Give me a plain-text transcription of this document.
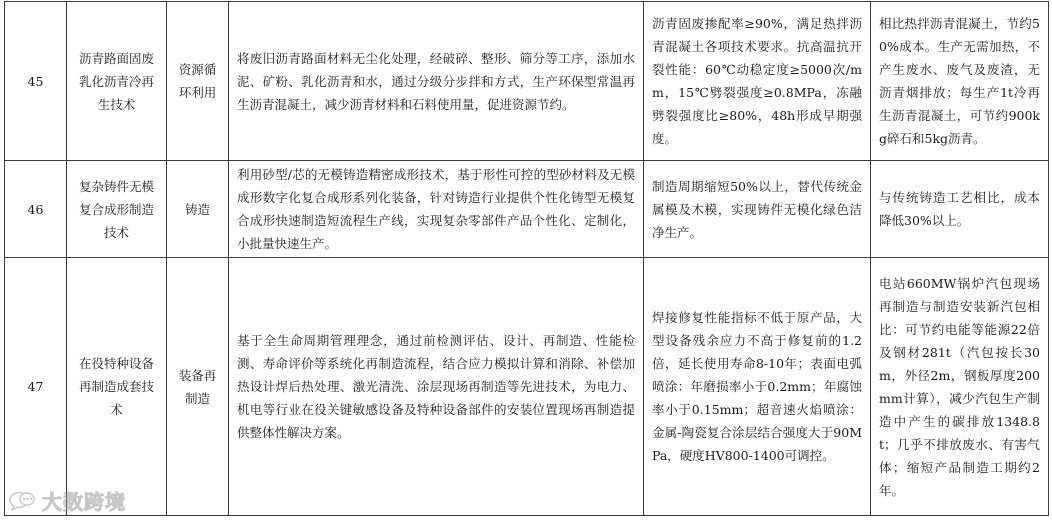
45	沥青路面固废乳化沥青冷再生技术	资源循环利用	将废旧沥青路面材料无尘化处理，经破碎、整形、筛分等工序，添加水泥、矿粉、乳化沥青和水，通过分级分步拌和方式，生产环保型常温再生沥青混凝土，减少沥青材料和石料使用量，促进资源节约。	沥青固废掺配率≥90%，满足热拌沥青混凝土各项技术要求。抗高温抗开裂性能：60℃动稳定度≥5000次/mm，15℃劈裂强度≥0.8MPa，冻融劈裂强度比≥80%，48h形成早期强度。	相比热拌沥青混凝土，节约50%成本。生产无需加热，不产生废水、废气及废渣，无沥青烟排放；每生产1t冷再生沥青混凝土，可节约900kg碎石和5kg沥青。

46	复杂铸件无模复合成形制造技术	铸造	利用砂型/芯的无模铸造精密成形技术，基于形性可控的型砂材料及无模成形数字化复合成形系列化装备，针对铸造行业提供个性化铸型无模复合成形快速制造短流程生产线，实现复杂零部件产品个性化、定制化，小批量快速生产。	制造周期缩短50%以上，替代传统金属模及木模，实现铸件无模化绿色洁净生产。	与传统铸造工艺相比，成本降低30%以上。

47	在役特种设备再制造成套技术	装备再制造	基于全生命周期管理理念，通过前检测评估、设计、再制造、性能检测、寿命评价等系统化再制造流程，结合应力模拟计算和消除、补偿加热设计焊后热处理、激光清洗、涂层现场再制造等先进技术，为电力、机电等行业在役关键敏感设备及特种设备部件的安装位置现场再制造提供整体性解决方案。	焊接修复性能指标不低于原产品，大型设备残余应力不高于修复前的1.2倍，延长使用寿命8-10年；表面电弧喷涂：年磨损率小于0.2mm；年腐蚀率小于0.15mm；超音速火焰喷涂：金属-陶瓷复合涂层结合强度大于90MPa，硬度HV800-1400可调控。	电站660MW锅炉汽包现场再制造与制造安装新汽包相比：可节约电能等能源22倍及钢材281t（汽包按长30m，外径2m，钢板厚度200mm计算），减少汽包生产制造中产生的碳排放1348.8t；几乎不排放废水、有害气体；缩短产品制造工期约2年。
大数跨境
